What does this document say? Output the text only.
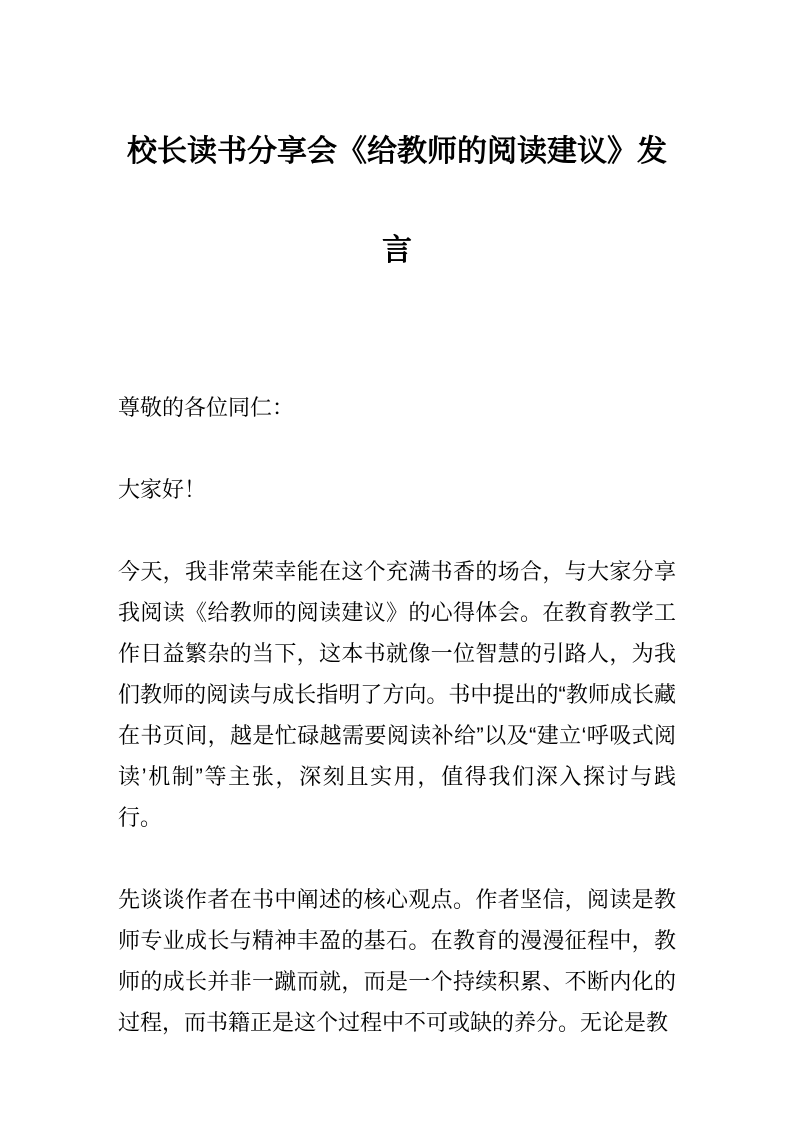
校长读书分享会《给教师的阅读建议》发
言
尊敬的各位同仁：
大家好！
今天，我非常荣幸能在这个充满书香的场合，与大家分享
我阅读《给教师的阅读建议》的心得体会。在教育教学工
作日益繁杂的当下，这本书就像一位智慧的引路人，为我
们教师的阅读与成长指明了方向。书中提出的“教师成长藏
在书页间，越是忙碌越需要阅读补给”以及“建立‘呼吸式阅
读’机制”等主张，深刻且实用，值得我们深入探讨与践行。
先谈谈作者在书中阐述的核心观点。作者坚信，阅读是教
师专业成长与精神丰盈的基石。在教育的漫漫征程中，教
师的成长并非一蹴而就，而是一个持续积累、不断内化的
过程，而书籍正是这个过程中不可或缺的养分。无论是教
